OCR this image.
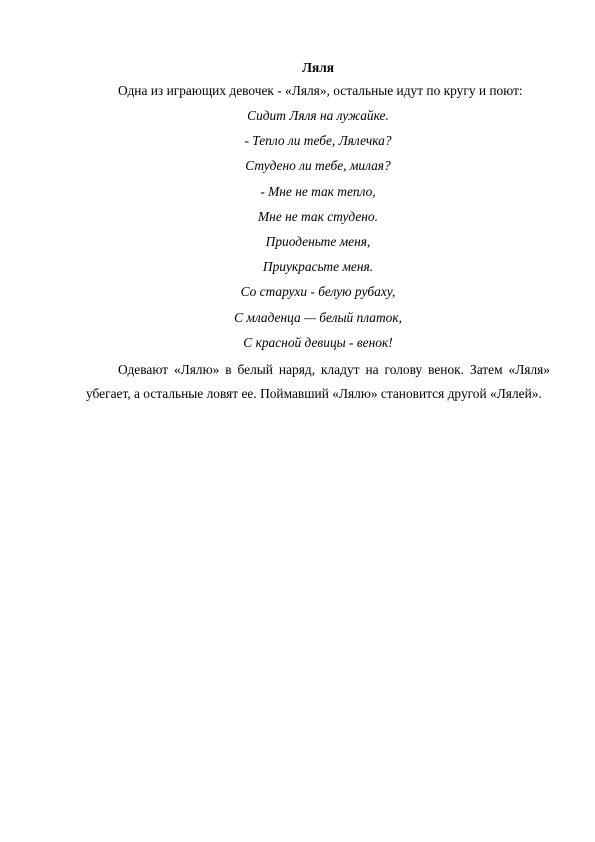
Ляля

Одна из играющих девочек - «Ляля», остальные идут по кругу и поют:

Сидит Ляля на лужайке.
- Тепло ли тебе, Лялечка?
Студено ли тебе, милая?
- Мне не так тепло,
Мне не так студено.
Приоденьте меня,
Приукрасьте меня.
Со старухи - белую рубаху,
С младенца — белый платок,
С красной девицы - венок!

Одевают «Лялю» в белый наряд, кладут на голову венок. Затем «Ляля» убегает, а остальные ловят ее. Поймавший «Лялю» становится другой «Лялей».
